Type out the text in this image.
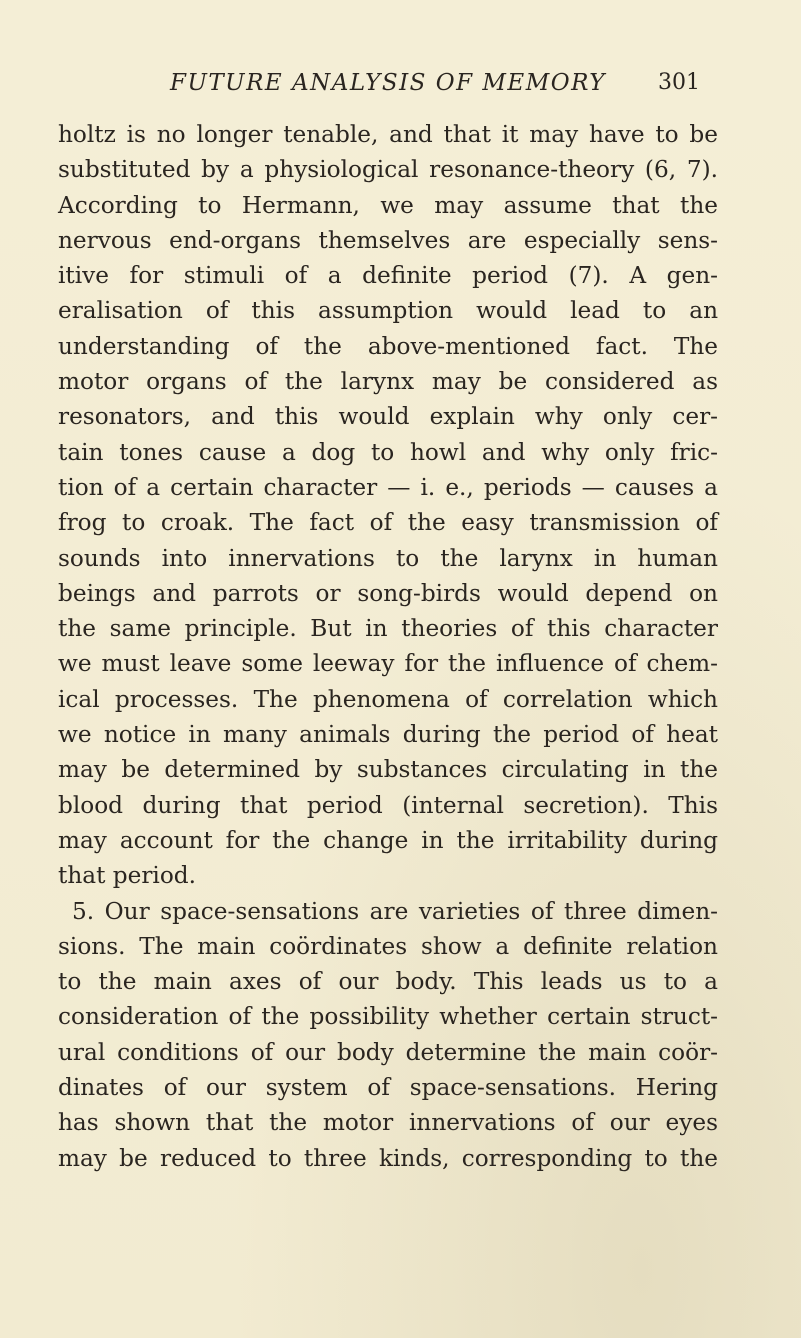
FUTURE ANALYSIS OF MEMORY 301
holtz is no longer tenable, and that it may have to be
substituted by a physiological resonance-theory (6, 7).
According to Hermann, we may assume that the
nervous end-organs themselves are especially sens-
itive for stimuli of a definite period (7). A gen-
eralisation of this assumption would lead to an
understanding of the above-mentioned fact. The
motor organs of the larynx may be considered as
resonators, and this would explain why only cer-
tain tones cause a dog to howl and why only fric-
tion of a certain character — i. e., periods — causes a
frog to croak. The fact of the easy transmission of
sounds into innervations to the larynx in human
beings and parrots or song-birds would depend on
the same principle. But in theories of this character
we must leave some leeway for the influence of chem-
ical processes. The phenomena of correlation which
we notice in many animals during the period of heat
may be determined by substances circulating in the
blood during that period (internal secretion). This
may account for the change in the irritability during
that period.
5. Our space-sensations are varieties of three dimen-
sions. The main coördinates show a definite relation
to the main axes of our body. This leads us to a
consideration of the possibility whether certain struct-
ural conditions of our body determine the main coör-
dinates of our system of space-sensations. Hering
has shown that the motor innervations of our eyes
may be reduced to three kinds, corresponding to the
